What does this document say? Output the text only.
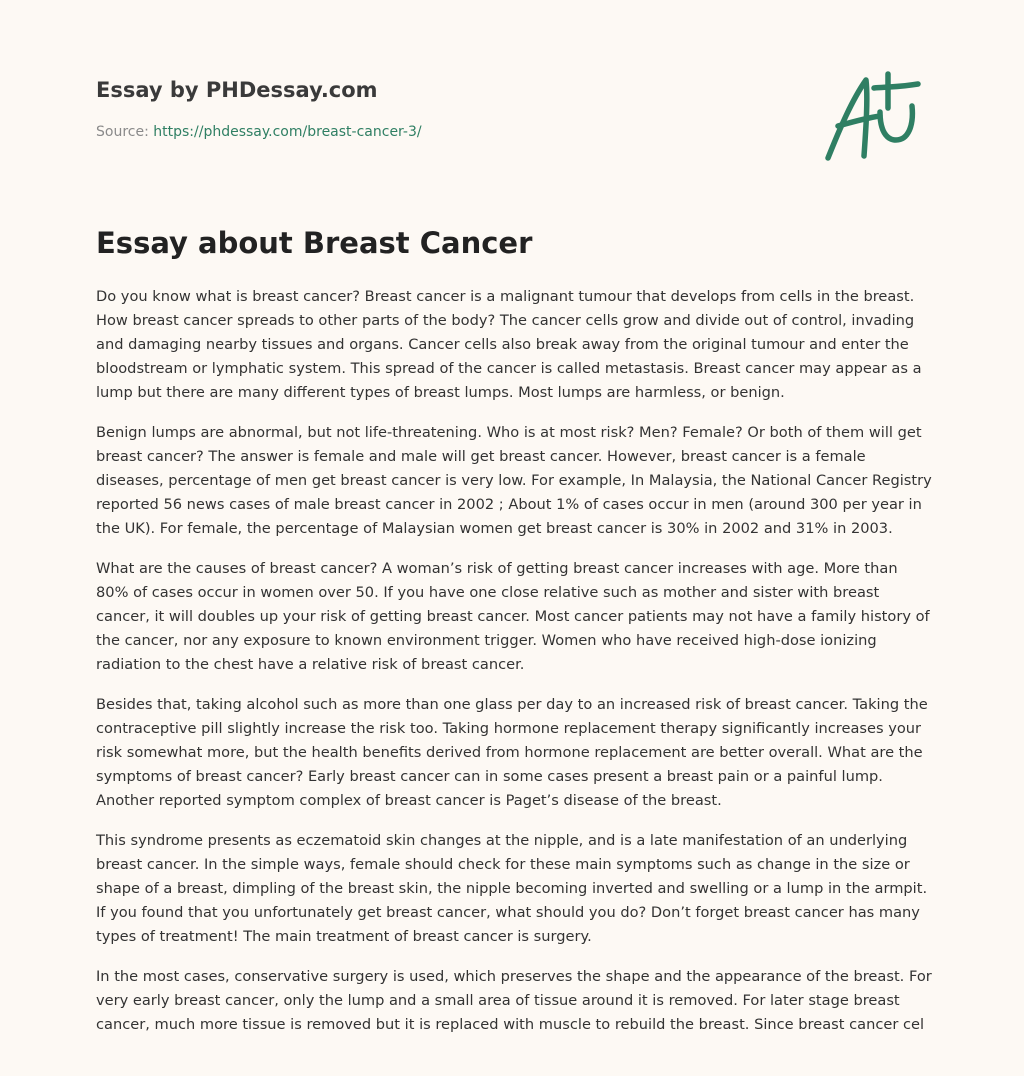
Essay by PHDessay.com
Source: https://phdessay.com/breast-cancer-3/
Essay about Breast Cancer

Do you know what is breast cancer? Breast cancer is a malignant tumour that develops from cells in the breast. How breast cancer spreads to other parts of the body? The cancer cells grow and divide out of control, invading and damaging nearby tissues and organs. Cancer cells also break away from the original tumour and enter the bloodstream or lymphatic system. This spread of the cancer is called metastasis. Breast cancer may appear as a lump but there are many different types of breast lumps. Most lumps are harmless, or benign.

Benign lumps are abnormal, but not life-threatening. Who is at most risk? Men? Female? Or both of them will get breast cancer? The answer is female and male will get breast cancer. However, breast cancer is a female diseases, percentage of men get breast cancer is very low. For example, In Malaysia, the National Cancer Registry reported 56 news cases of male breast cancer in 2002 ; About 1% of cases occur in men (around 300 per year in the UK). For female, the percentage of Malaysian women get breast cancer is 30% in 2002 and 31% in 2003.

What are the causes of breast cancer? A woman’s risk of getting breast cancer increases with age. More than 80% of cases occur in women over 50. If you have one close relative such as mother and sister with breast cancer, it will doubles up your risk of getting breast cancer. Most cancer patients may not have a family history of the cancer, nor any exposure to known environment trigger. Women who have received high-dose ionizing radiation to the chest have a relative risk of breast cancer.

Besides that, taking alcohol such as more than one glass per day to an increased risk of breast cancer. Taking the contraceptive pill slightly increase the risk too. Taking hormone replacement therapy significantly increases your risk somewhat more, but the health benefits derived from hormone replacement are better overall. What are the symptoms of breast cancer? Early breast cancer can in some cases present a breast pain or a painful lump. Another reported symptom complex of breast cancer is Paget’s disease of the breast.

This syndrome presents as eczematoid skin changes at the nipple, and is a late manifestation of an underlying breast cancer. In the simple ways, female should check for these main symptoms such as change in the size or shape of a breast, dimpling of the breast skin, the nipple becoming inverted and swelling or a lump in the armpit. If you found that you unfortunately get breast cancer, what should you do? Don’t forget breast cancer has many types of treatment! The main treatment of breast cancer is surgery.

In the most cases, conservative surgery is used, which preserves the shape and the appearance of the breast. For very early breast cancer, only the lump and a small area of tissue around it is removed. For later stage breast cancer, much more tissue is removed but it is replaced with muscle to rebuild the breast. Since breast cancer cel
